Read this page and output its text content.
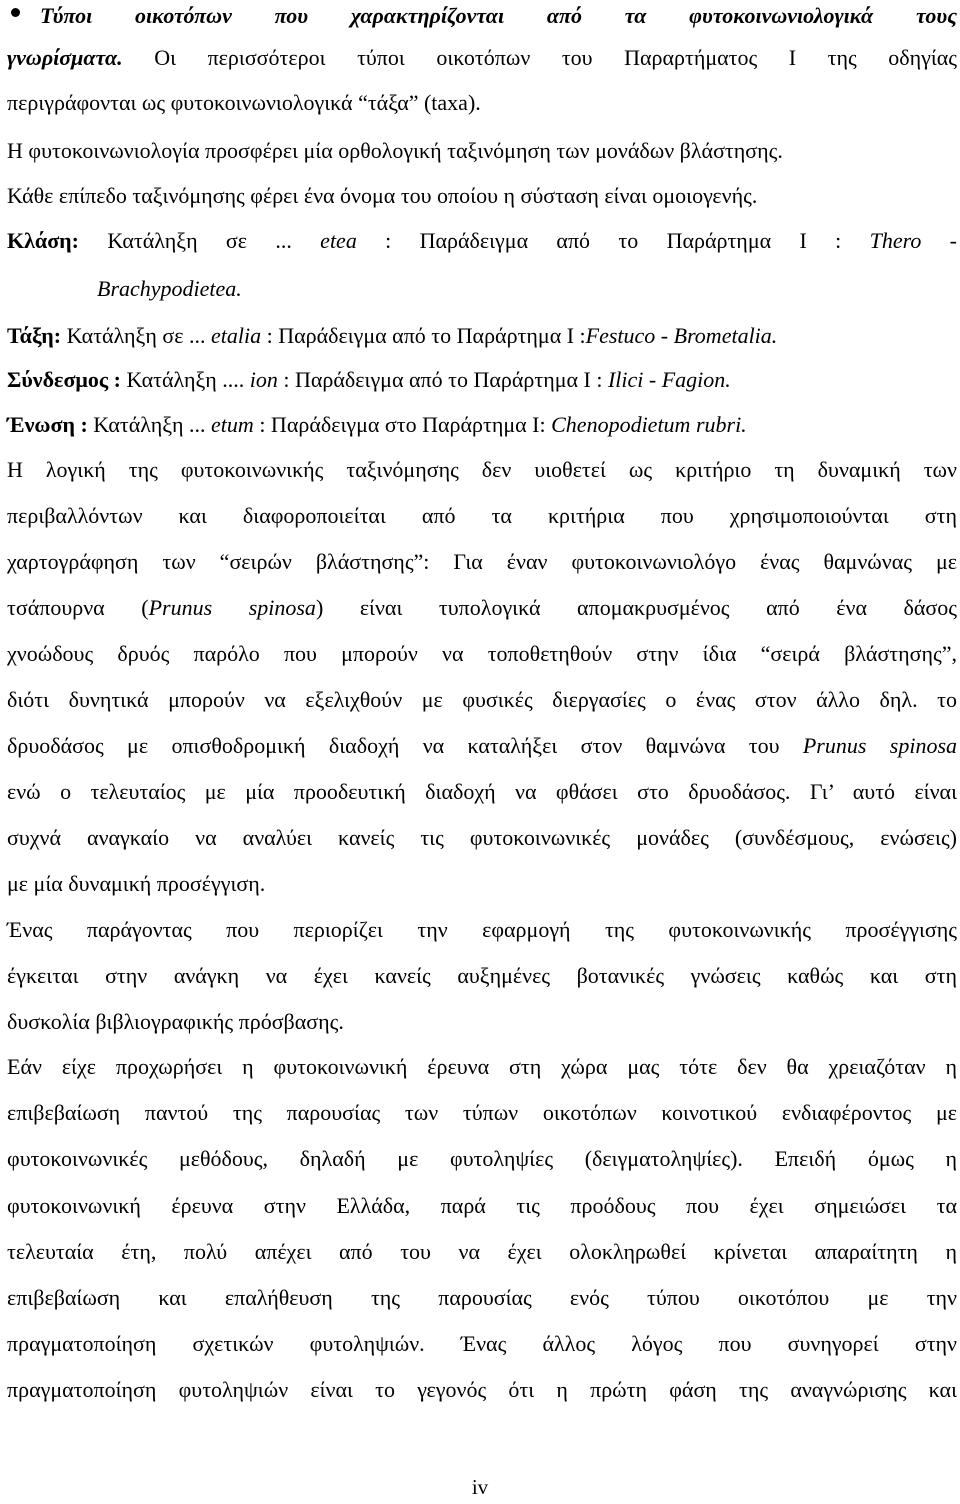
Τύποι οικοτόπων που χαρακτηρίζονται από τα φυτοκοινωνιολογικά τους
γνωρίσματα. Οι περισσότεροι τύποι οικοτόπων του Παραρτήματος Ι της οδηγίας
περιγράφονται ως φυτοκοινωνιολογικά “τάξα” (taxa).
Η φυτοκοινωνιολογία προσφέρει μία ορθολογική ταξινόμηση των μονάδων βλάστησης.
Κάθε επίπεδο ταξινόμησης φέρει ένα όνομα του οποίου η σύσταση είναι ομοιογενής.
Κλάση: Κατάληξη σε ... etea : Παράδειγμα από το Παράρτημα Ι : Thero -
Brachypodietea.
Τάξη: Κατάληξη σε ... etalia : Παράδειγμα από το Παράρτημα Ι :Festuco - Brometalia.
Σύνδεσμος : Κατάληξη .... ion : Παράδειγμα από το Παράρτημα Ι : Ilici - Fagion.
Ένωση : Κατάληξη ... etum : Παράδειγμα στο Παράρτημα Ι: Chenopodietum rubri.
Η λογική της φυτοκοινωνικής ταξινόμησης δεν υιοθετεί ως κριτήριο τη δυναμική των
περιβαλλόντων και διαφοροποιείται από τα κριτήρια που χρησιμοποιούνται στη
χαρτογράφηση των “σειρών βλάστησης”: Για έναν φυτοκοινωνιολόγο ένας θαμνώνας με
τσάπουρνα (Prunus spinosa) είναι τυπολογικά απομακρυσμένος από ένα δάσος
χνοώδους δρυός παρόλο που μπορούν να τοποθετηθούν στην ίδια “σειρά βλάστησης”,
διότι δυνητικά μπορούν να εξελιχθούν με φυσικές διεργασίες ο ένας στον άλλο δηλ. το
δρυοδάσος με οπισθοδρομική διαδοχή να καταλήξει στον θαμνώνα του Prunus spinosa
ενώ ο τελευταίος με μία προοδευτική διαδοχή να φθάσει στο δρυοδάσος. Γι’ αυτό είναι
συχνά αναγκαίο να αναλύει κανείς τις φυτοκοινωνικές μονάδες (συνδέσμους, ενώσεις)
με μία δυναμική προσέγγιση.
Ένας παράγοντας που περιορίζει την εφαρμογή της φυτοκοινωνικής προσέγγισης
έγκειται στην ανάγκη να έχει κανείς αυξημένες βοτανικές γνώσεις καθώς και στη
δυσκολία βιβλιογραφικής πρόσβασης.
Εάν είχε προχωρήσει η φυτοκοινωνική έρευνα στη χώρα μας τότε δεν θα χρειαζόταν η
επιβεβαίωση παντού της παρουσίας των τύπων οικοτόπων κοινοτικού ενδιαφέροντος με
φυτοκοινωνικές μεθόδους, δηλαδή με φυτοληψίες (δειγματοληψίες). Επειδή όμως η
φυτοκοινωνική έρευνα στην Ελλάδα, παρά τις προόδους που έχει σημειώσει τα
τελευταία έτη, πολύ απέχει από του να έχει ολοκληρωθεί κρίνεται απαραίτητη η
επιβεβαίωση και επαλήθευση της παρουσίας ενός τύπου οικοτόπου με την
πραγματοποίηση σχετικών φυτοληψιών. Ένας άλλος λόγος που συνηγορεί στην
πραγματοποίηση φυτοληψιών είναι το γεγονός ότι η πρώτη φάση της αναγνώρισης και
iv
